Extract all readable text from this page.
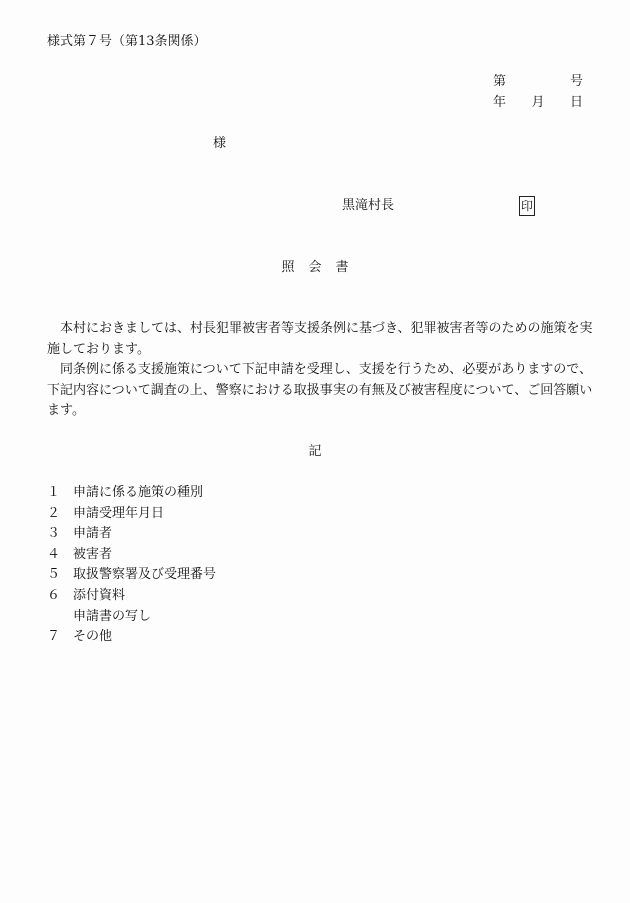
様式第７号（第13条関係）
第	号
年 月 日
様
黒滝村長	印
照 会 書

　本村におきましては、村長犯罪被害者等支援条例に基づき、犯罪被害者等のための施策を実

施しております。

　同条例に係る支援施策について下記申請を受理し、支援を行うため、必要がありますので、

下記内容について調査の上、警察における取扱事実の有無及び被害程度について、ご回答願い

ます。

記
１ 申請に係る施策の種別
２ 申請受理年月日
３ 申請者
４ 被害者
５ 取扱警察署及び受理番号
６ 添付資料
申請書の写し
７ その他
